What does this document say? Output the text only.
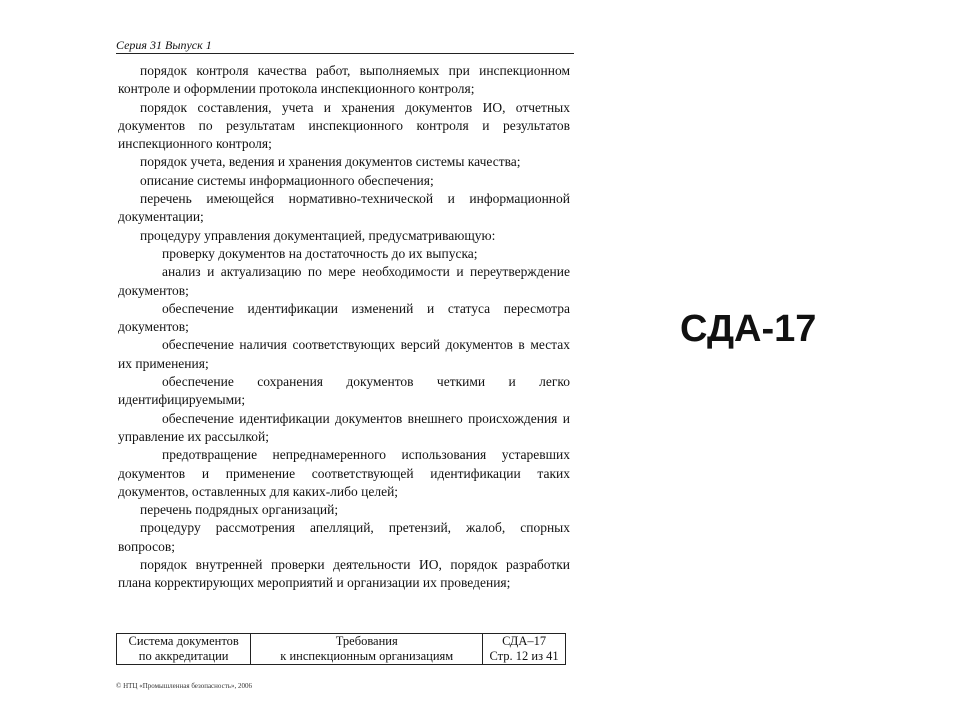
Серия 31 Выпуск 1

порядок контроля качества работ, выполняемых при инспекционном контроле и оформлении протокола инспекционного контроля;

порядок составления, учета и хранения документов ИО, отчетных документов по результатам инспекционного контроля и результатов инспекционного контроля;

порядок учета, ведения и хранения документов системы качества;

описание системы информационного обеспечения;

перечень имеющейся нормативно-технической и информационной документации;

процедуру управления документацией, предусматривающую:

проверку документов на достаточность до их выпуска;

анализ и актуализацию по мере необходимости и переутверждение документов;

обеспечение идентификации изменений и статуса пересмотра документов;

обеспечение наличия соответствующих версий документов в местах их применения;

обеспечение сохранения документов четкими и легко идентифицируемыми;

обеспечение идентификации документов внешнего происхождения и управление их рассылкой;

предотвращение непреднамеренного использования устаревших документов и применение соответствующей идентификации таких документов, оставленных для каких-либо целей;

перечень подрядных организаций;

процедуру рассмотрения апелляций, претензий, жалоб, спорных вопросов;

порядок внутренней проверки деятельности ИО, порядок разработки плана корректирующих мероприятий и организации их проведения;

Система документов
по аккредитации

Требования
к инспекционным организациям

СДА–17
Стр. 12 из 41
© НТЦ «Промышленная безопасность», 2006
СДА-17
